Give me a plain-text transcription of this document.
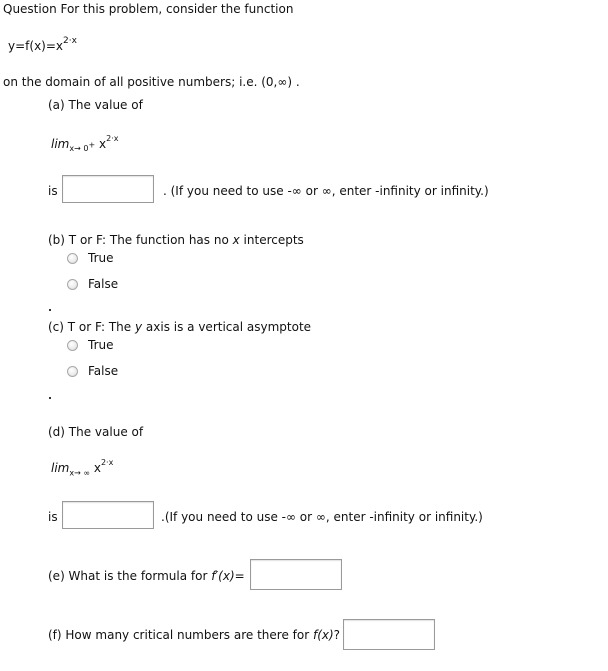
Question For this problem, consider the function
$y=f(x)=x^{2\cdot x}$
on the domain of all positive numbers; i.e. (0,∞) .
(a) The value of
$\lim_{x\to 0^+} x^{2\cdot x}$
is	. (If you need to use -∞ or ∞, enter -infinity or infinity.)
(b) T or F: The function has no x intercepts
True
False
(c) T or F: The y axis is a vertical asymptote
True
False
(d) The value of
$\lim_{x\to \infty} x^{2\cdot x}$
is	.(If you need to use -∞ or ∞, enter -infinity or infinity.)
(e) What is the formula for f′(x)=
(f) How many critical numbers are there for f(x)?
